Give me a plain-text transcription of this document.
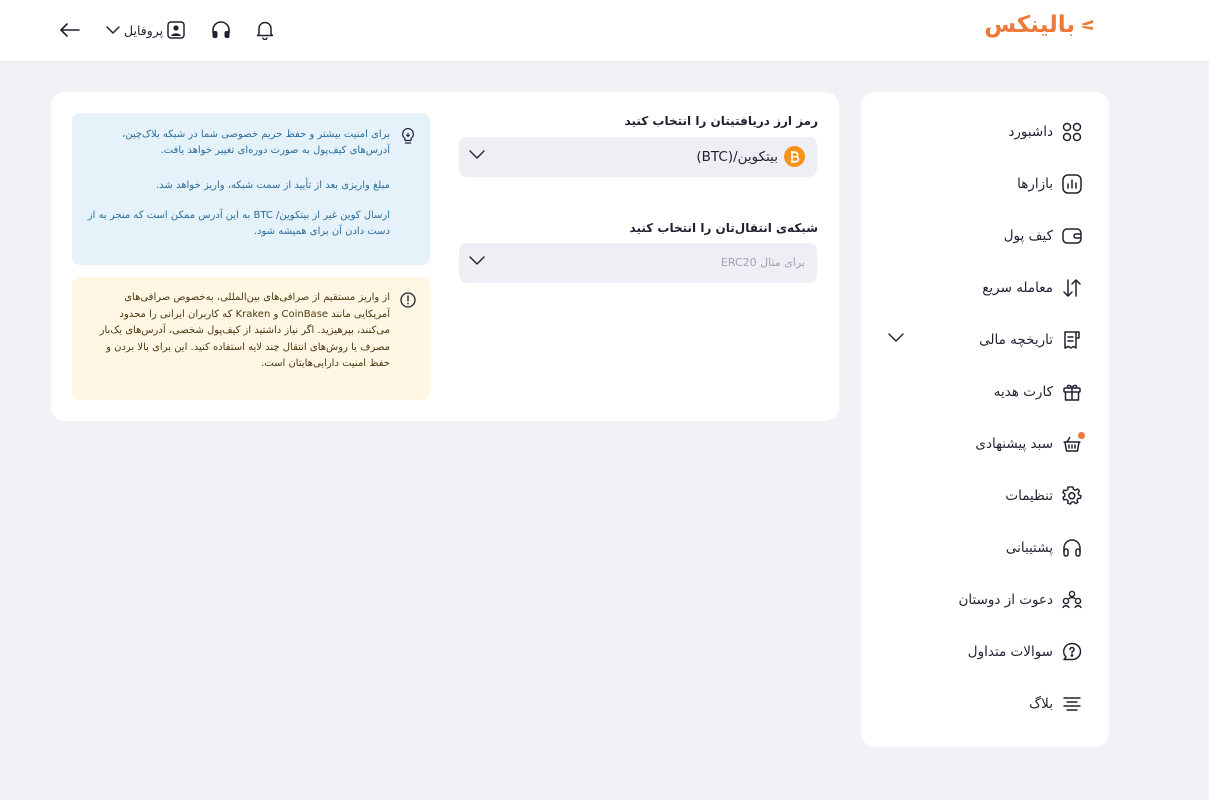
بالینکس
پروفایل
داشبورد
بازارها
کیف پول
معامله سریع
تاریخچه مالی
کارت هدیه
سبد پیشنهادی
تنظیمات
پشتیبانی
دعوت از دوستان
سوالات متداول
بلاگ
رمز ارز دریافتیتان را انتخاب کنید
بیتکوین/(BTC)
شبکه‌ی انتقال‌تان را انتخاب کنید
برای مثال ERC20
برای امنیت بیشتر و حفظ حریم خصوصی شما در شبکه بلاک‌چین، آدرس‌های کیف‌پول به صورت دوره‌ای تغییر خواهد یافت.
مبلغ واریزی بعد از تأیید از سمت شبکه، واریز خواهد شد.
ارسال کوین غیر از بیتکوین/ BTC به این آدرس ممکن است که منجر به از دست دادن آن برای همیشه شود.
از واریز مستقیم از صرافی‌های بین‌المللی، به‌خصوص صرافی‌های آمریکایی مانند CoinBase و Kraken که کاربران ایرانی را محدود می‌کنند، بپرهیزید. اگر نیاز داشتید از کیف‌پول شخصی، آدرس‌های یک‌بار مصرف یا روش‌های انتقال چند لایه استفاده کنید. این برای بالا بردن و حفظ امنیت دارایی‌هایتان است.
